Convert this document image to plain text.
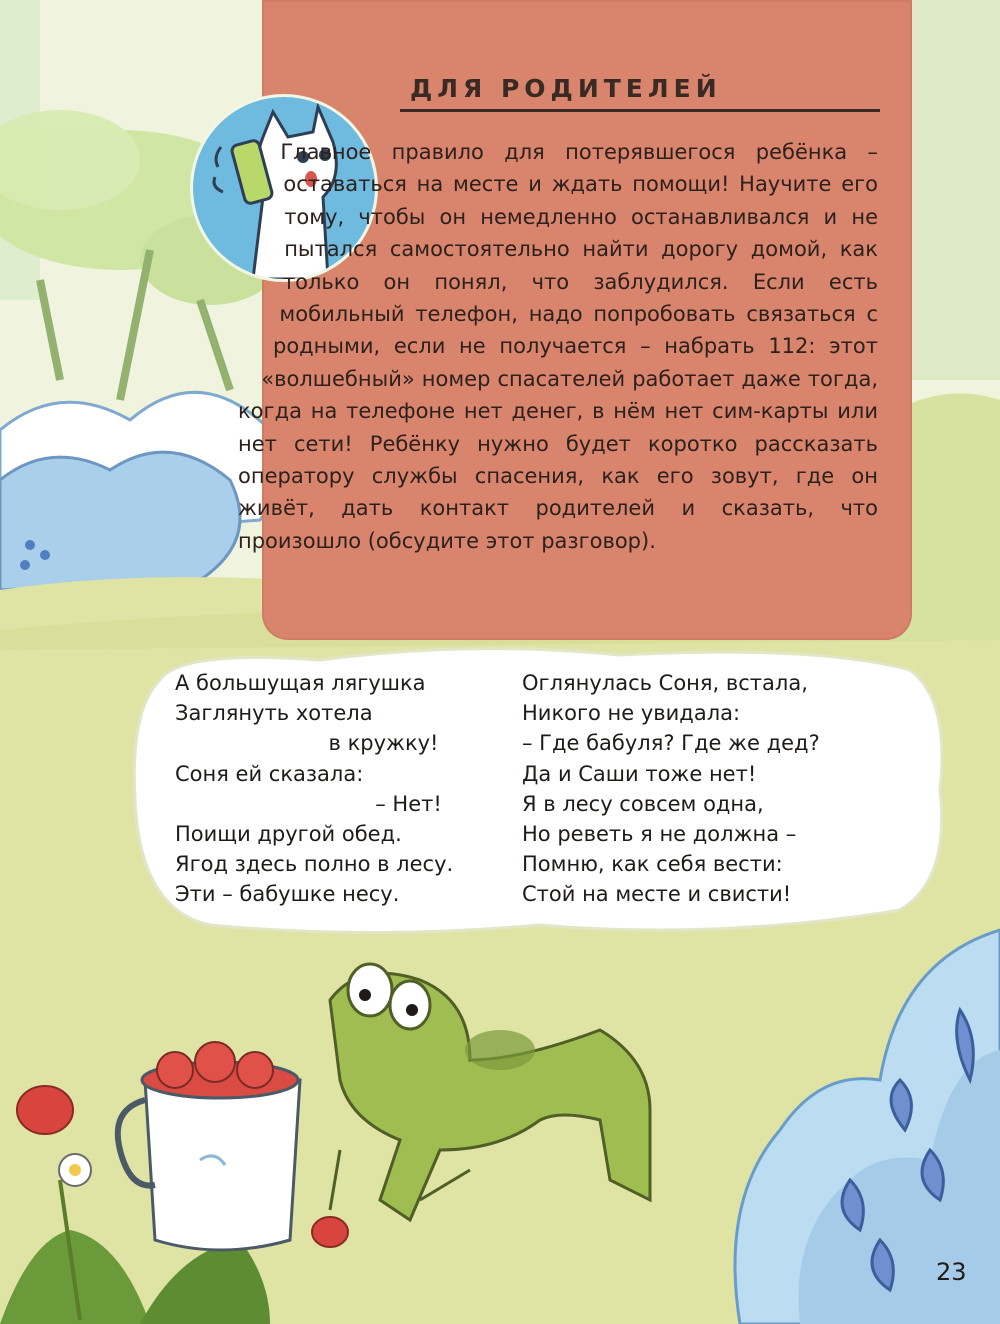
ДЛЯ РОДИТЕЛЕЙ
Главное правило для потерявшегося ребёнка – оставаться на месте и ждать помощи! Научите его тому, чтобы он немедленно останавливался и не пытался самостоятельно найти дорогу домой, как только он понял, что заблудился. Если есть мобильный телефон, надо попробовать связаться с родными, если не получается – набрать 112: этот «волшебный» номер спасателей работает даже тогда, когда на телефоне нет денег, в нём нет сим-карты или нет сети! Ребёнку нужно будет коротко рассказать оператору службы спасения, как его зовут, где он живёт, дать контакт родителей и сказать, что произошло (обсудите этот разговор).
А большущая лягушка
Заглянуть хотела
в кружку!
Соня ей сказала:
– Нет!
Поищи другой обед.
Ягод здесь полно в лесу.
Эти – бабушке несу.
Оглянулась Соня, встала,
Никого не увидала:
– Где бабуля? Где же дед?
Да и Саши тоже нет!
Я в лесу совсем одна,
Но реветь я не должна –
Помню, как себя вести:
Стой на месте и свисти!
23
